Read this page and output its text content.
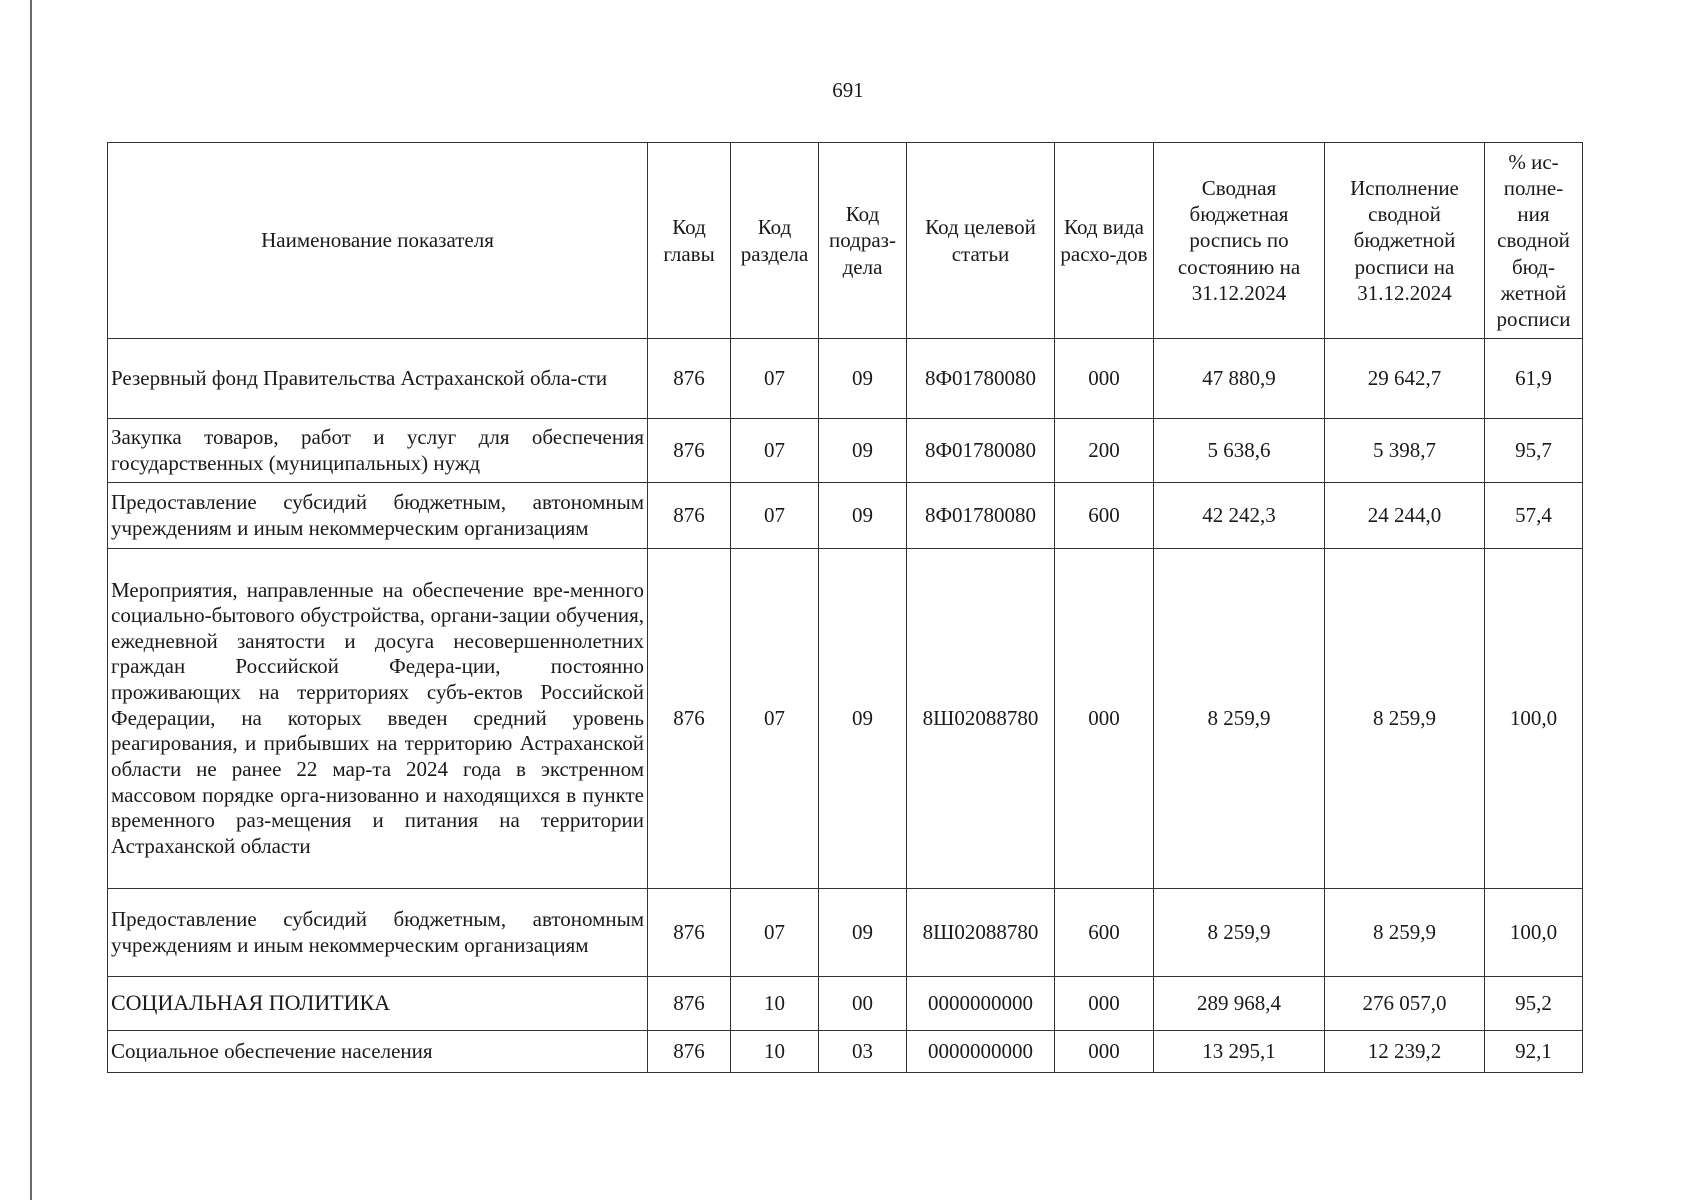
691
Наименование показателя	Код главы	Код раздела	Код подраз-дела	Код целевой статьи	Код вида расхо-дов	Сводная бюджетная роспись по состоянию на 31.12.2024	Исполнение сводной бюджетной росписи на 31.12.2024	% ис-полне-ния сводной бюд-жетной росписи
Резервный фонд Правительства Астраханской обла-сти	876	07	09	8Ф01780080	000	47 880,9	29 642,7	61,9
Закупка товаров, работ и услуг для обеспечения государственных (муниципальных) нужд	876	07	09	8Ф01780080	200	5 638,6	5 398,7	95,7
Предоставление субсидий бюджетным, автономным учреждениям и иным некоммерческим организациям	876	07	09	8Ф01780080	600	42 242,3	24 244,0	57,4
Мероприятия, направленные на обеспечение вре-менного социально-бытового обустройства, органи-зации обучения, ежедневной занятости и досуга несовершеннолетних граждан Российской Федера-ции, постоянно проживающих на территориях субъ-ектов Российской Федерации, на которых введен средний уровень реагирования, и прибывших на территорию Астраханской области не ранее 22 мар-та 2024 года в экстренном массовом порядке орга-низованно и находящихся в пункте временного раз-мещения и питания на территории Астраханской области	876	07	09	8Ш02088780	000	8 259,9	8 259,9	100,0
Предоставление субсидий бюджетным, автономным учреждениям и иным некоммерческим организациям	876	07	09	8Ш02088780	600	8 259,9	8 259,9	100,0
СОЦИАЛЬНАЯ ПОЛИТИКА	876	10	00	0000000000	000	289 968,4	276 057,0	95,2
Социальное обеспечение населения	876	10	03	0000000000	000	13 295,1	12 239,2	92,1
